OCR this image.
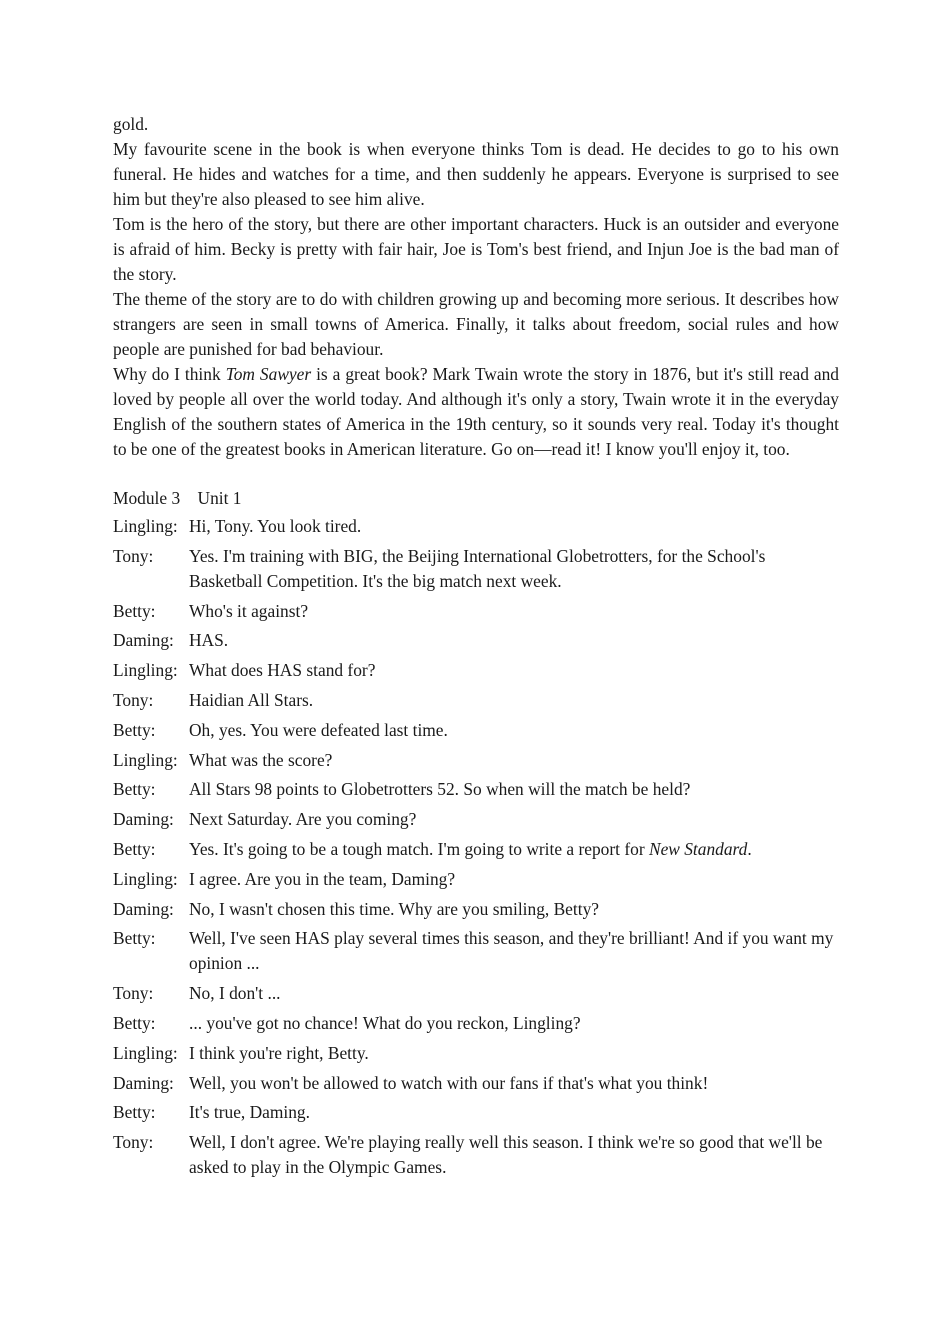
gold.

My favourite scene in the book is when everyone thinks Tom is dead. He decides to go to his own funeral. He hides and watches for a time, and then suddenly he appears. Everyone is surprised to see him but they're also pleased to see him alive.

Tom is the hero of the story, but there are other important characters. Huck is an outsider and everyone is afraid of him. Becky is pretty with fair hair, Joe is Tom's best friend, and Injun Joe is the bad man of the story.

The theme of the story are to do with children growing up and becoming more serious. It describes how strangers are seen in small towns of America. Finally, it talks about freedom, social rules and how people are punished for bad behaviour.

Why do I think Tom Sawyer is a great book? Mark Twain wrote the story in 1876, but it's still read and loved by people all over the world today. And although it's only a story, Twain wrote it in the everyday English of the southern states of America in the 19th century, so it sounds very real. Today it's thought to be one of the greatest books in American literature. Go on—read it! I know you'll enjoy it, too.

Module 3　Unit 1

Lingling: Hi, Tony. You look tired.
Tony:	Yes. I'm training with BIG, the Beijing International Globetrotters, for the School's Basketball Competition. It's the big match next week.
Betty:	Who's it against?
Daming: HAS.
Lingling: What does HAS stand for?
Tony:	Haidian All Stars.
Betty:	Oh, yes. You were defeated last time.
Lingling: What was the score?
Betty:	All Stars 98 points to Globetrotters 52. So when will the match be held?
Daming: Next Saturday. Are you coming?
Betty:	Yes. It's going to be a tough match. I'm going to write a report for New Standard.
Lingling: I agree. Are you in the team, Daming?
Daming: No, I wasn't chosen this time. Why are you smiling, Betty?
Betty:	Well, I've seen HAS play several times this season, and they're brilliant! And if you want my opinion ...
Tony:	No, I don't ...
Betty:	... you've got no chance! What do you reckon, Lingling?
Lingling: I think you're right, Betty.
Daming: Well, you won't be allowed to watch with our fans if that's what you think!
Betty:	It's true, Daming.
Tony:	Well, I don't agree. We're playing really well this season. I think we're so good that we'll be asked to play in the Olympic Games.
